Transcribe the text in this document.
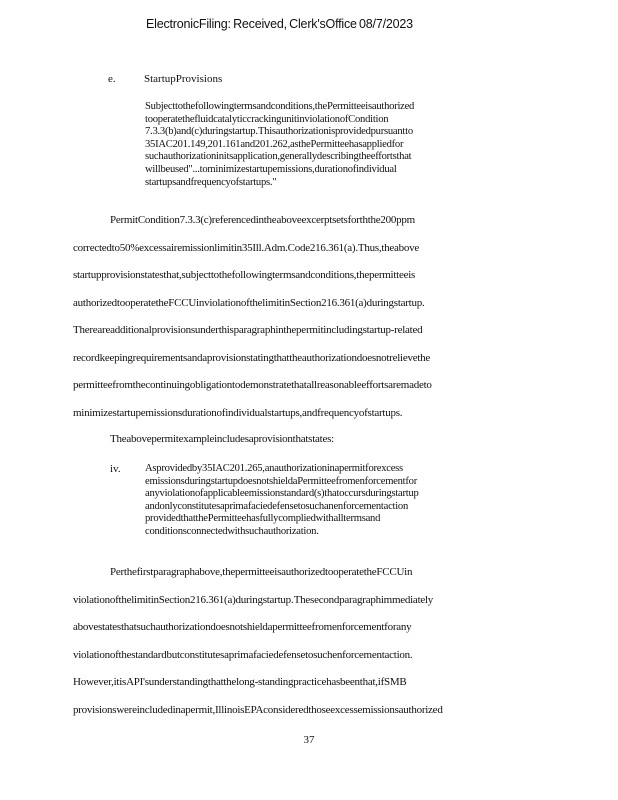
ElectronicFiling: Received, Clerk'sOffice 08/7/2023
e.	StartupProvisions
Subjecttothefollowingtermsandconditions,thePermitteeisauthorized
tooperatethefluidcatalyticcrackingunitinviolationofCondition
7.3.3(b)and(c)duringstartup. Thisauthorizationisprovidedpursuantto
35IAC201.149,201.161and201.262,asthePermitteehasappliedfor
suchauthorizationinitsapplication,generallydescribingtheeffortsthat
willbeused"...tominimizestartupemissions,durationofindividual
startupsandfrequencyofstartups."
PermitCondition7.3.3(c)referencedintheaboveexcerptsetsforththe200ppm
correctedto50%excessairemissionlimitin35Ill.Adm.Code216.361(a).Thus,theabove
startupprovisionstatesthat,subjecttothefollowingtermsandconditions,thepermitteeis
authorizedtooperatetheFCCUinviolationofthelimitinSection216.361(a)duringstartup.
Thereareadditionalprovisionsunderthisparagraphinthepermitincludingstartup-related
recordkeepingrequirementsandaprovisionstatingthattheauthorizationdoesnotrelievethe
permitteefromthecontinuingobligationtodemonstratethatallreasonableeffortsaremadeto
minimizestartupemissionsdurationofindividualstartups,andfrequencyofstartups.
Theabovepermitexampleincludesaprovisionthatstates:
iv. Asprovidedby35IAC201.265,anauthorizationinapermitforexcess
emissionsduringstartupdoesnotshieldaPermitteefromenforcementfor
anyviolationofapplicableemissionstandard(s)thatoccursduringstartup
andonlyconstitutesaprimafaciedefensetosuchanenforcementaction
providedthatthePermitteehasfullycompliedwithalltermsand
conditionsconnectedwithsuchauthorization.
Perthefirstparagraphabove,thepermitteeisauthorizedtooperatetheFCCUin
violationofthelimitinSection216.361(a)duringstartup. Thesecondparagraphimmediately
abovestatesthatsuchauthorizationdoesnotshieldapermitteefromenforcementforany
violationofthestandardbutconstitutesaprimafaciedefensetosuchenforcementaction.
However,itisAPI'sunderstandingthatthelong-standingpracticehasbeenthat,ifSMB
provisionswereincludedinapermit,IllinoisEPAconsideredthoseexcessemissionsauthorized
37
